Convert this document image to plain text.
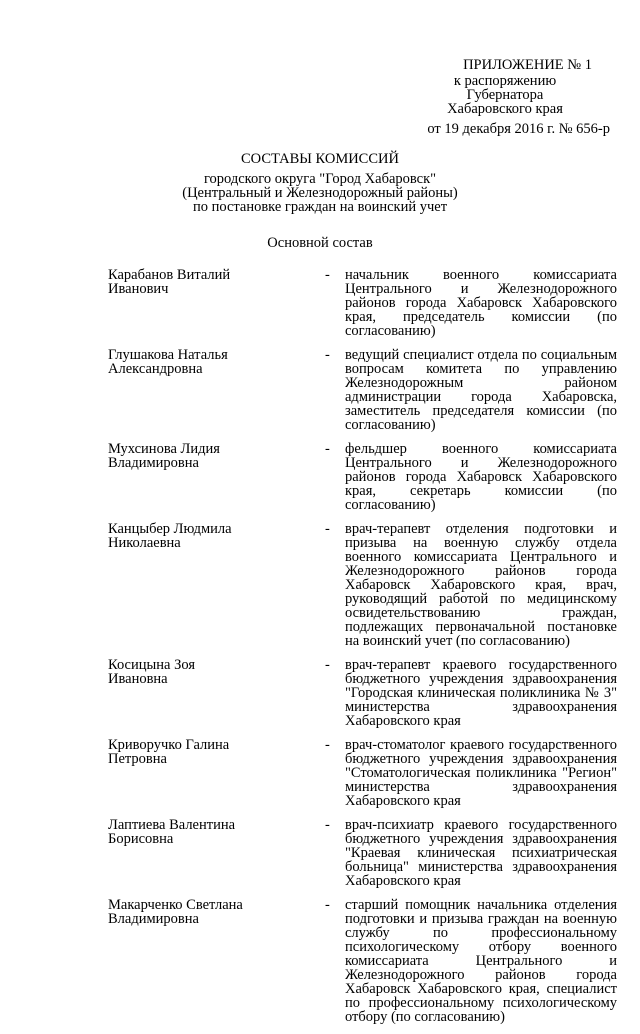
ПРИЛОЖЕНИЕ № 1
к распоряжению
Губернатора
Хабаровского края
от 19 декабря 2016 г. № 656-р
СОСТАВЫ КОМИССИЙ
городского округа "Город Хабаровск"
(Центральный и Железнодорожный районы)
по постановке граждан на воинский учет
Основной состав
Карабанов Виталий
Иванович
-	начальник военного комиссариата Центрального и Железнодорожного районов города Хабаровск Хабаровского края, председатель комиссии (по согласованию)
Глушакова Наталья
Александровна
-	ведущий специалист отдела по социальным вопросам комитета по управлению Железнодорожным районом администрации города Хабаровска, заместитель председателя комиссии (по согласованию)
Мухсинова Лидия
Владимировна
-	фельдшер военного комиссариата Центрального и Железнодорожного районов города Хабаровск Хабаровского края, секретарь комиссии (по согласованию)
Канцыбер Людмила
Николаевна
-	врач-терапевт отделения подготовки и призыва на военную службу отдела военного комиссариата Центрального и Железнодорожного районов города Хабаровск Хабаровского края, врач, руководящий работой по медицинскому освидетельствованию граждан, подлежащих первоначальной постановке на воинский учет (по согласованию)
Косицына Зоя
Ивановна
-	врач-терапевт краевого государственного бюджетного учреждения здравоохранения "Городская клиническая поликлиника № 3" министерства здравоохранения Хабаровского края
Криворучко Галина
Петровна
-	врач-стоматолог краевого государственного бюджетного учреждения здравоохранения "Стоматологическая поликлиника "Регион" министерства здравоохранения Хабаровского края
Лаптиева Валентина
Борисовна
-	врач-психиатр краевого государственного бюджетного учреждения здравоохранения "Краевая клиническая психиатрическая больница" министерства здравоохранения Хабаровского края
Макарченко Светлана
Владимировна
-	старший помощник начальника отделения подготовки и призыва граждан на военную службу по профессиональному психологическому отбору военного комиссариата Центрального и Железнодорожного районов города Хабаровск Хабаровского края, специалист по профессиональному психологическому отбору (по согласованию)
